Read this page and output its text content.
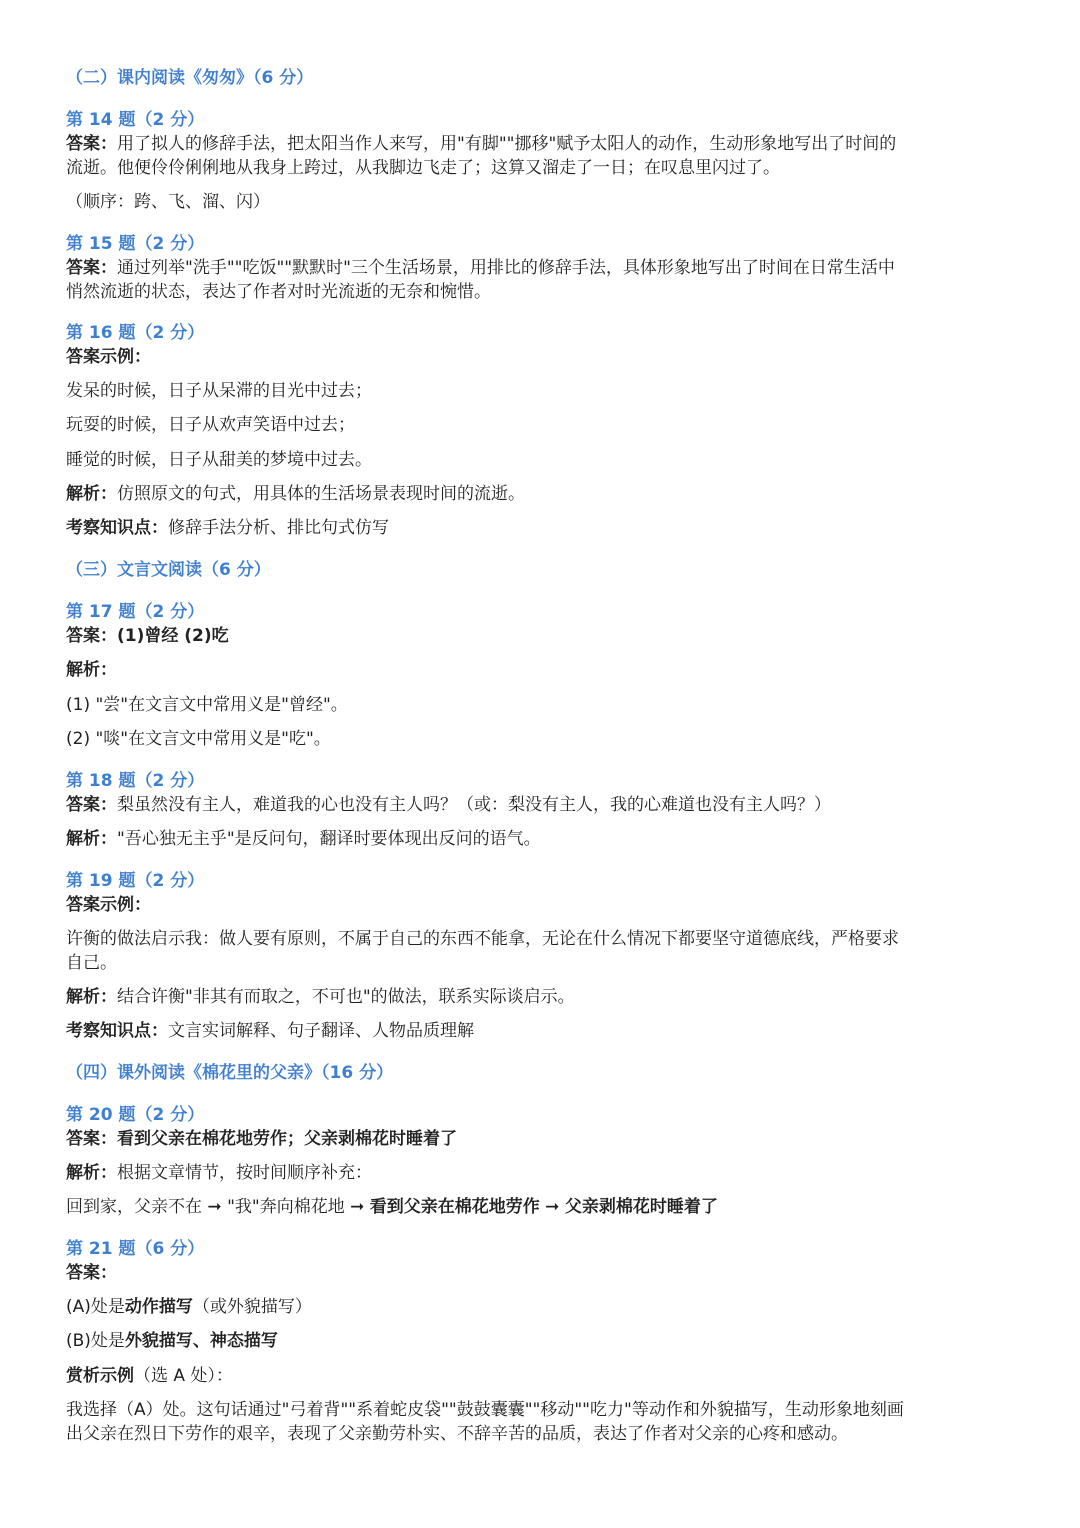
（二）课内阅读《匆匆》（6 分）
第 14 题（2 分）
答案：用了拟人的修辞手法，把太阳当作人来写，用"有脚""挪移"赋予太阳人的动作，生动形象地写出了时间的
流逝。他便伶伶俐俐地从我身上跨过，从我脚边飞走了；这算又溜走了一日；在叹息里闪过了。
（顺序：跨、飞、溜、闪）
第 15 题（2 分）
答案：通过列举"洗手""吃饭""默默时"三个生活场景，用排比的修辞手法，具体形象地写出了时间在日常生活中
悄然流逝的状态，表达了作者对时光流逝的无奈和惋惜。
第 16 题（2 分）
答案示例：
发呆的时候，日子从呆滞的目光中过去；
玩耍的时候，日子从欢声笑语中过去；
睡觉的时候，日子从甜美的梦境中过去。
解析：仿照原文的句式，用具体的生活场景表现时间的流逝。
考察知识点：修辞手法分析、排比句式仿写
（三）文言文阅读（6 分）
第 17 题（2 分）
答案：(1)曾经 (2)吃
解析：
(1) "尝"在文言文中常用义是"曾经"。
(2) "啖"在文言文中常用义是"吃"。
第 18 题（2 分）
答案：梨虽然没有主人，难道我的心也没有主人吗？（或：梨没有主人，我的心难道也没有主人吗？）
解析："吾心独无主乎"是反问句，翻译时要体现出反问的语气。
第 19 题（2 分）
答案示例：
许衡的做法启示我：做人要有原则，不属于自己的东西不能拿，无论在什么情况下都要坚守道德底线，严格要求
自己。
解析：结合许衡"非其有而取之，不可也"的做法，联系实际谈启示。
考察知识点：文言实词解释、句子翻译、人物品质理解
（四）课外阅读《棉花里的父亲》（16 分）
第 20 题（2 分）
答案：看到父亲在棉花地劳作；父亲剥棉花时睡着了
解析：根据文章情节，按时间顺序补充：
回到家，父亲不在 ➞ "我"奔向棉花地 ➞ 看到父亲在棉花地劳作 ➞ 父亲剥棉花时睡着了
第 21 题（6 分）
答案：
(A)处是动作描写（或外貌描写）
(B)处是外貌描写、神态描写
赏析示例（选 A 处）：
我选择（A）处。这句话通过"弓着背""系着蛇皮袋""鼓鼓囊囊""移动""吃力"等动作和外貌描写，生动形象地刻画
出父亲在烈日下劳作的艰辛，表现了父亲勤劳朴实、不辞辛苦的品质，表达了作者对父亲的心疼和感动。
